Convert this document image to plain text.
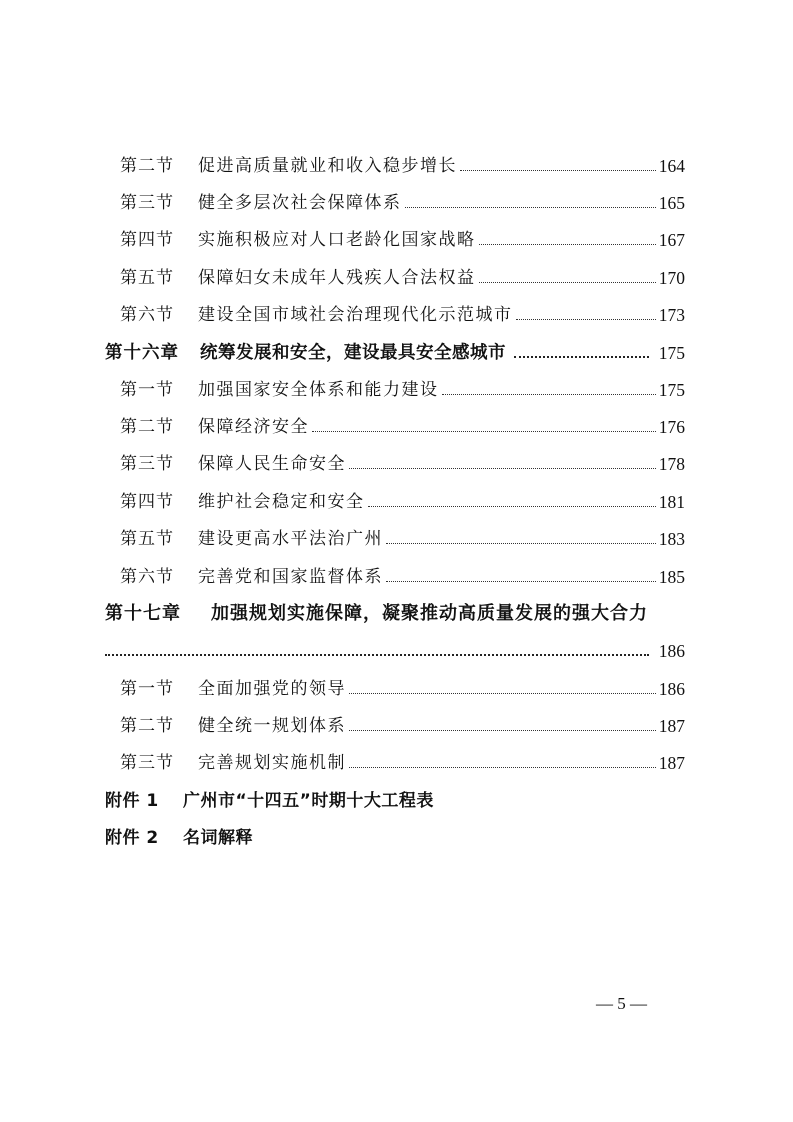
第二节	促进高质量就业和收入稳步增长	164
第三节	健全多层次社会保障体系	165
第四节	实施积极应对人口老龄化国家战略	167
第五节	保障妇女未成年人残疾人合法权益	170
第六节	建设全国市域社会治理现代化示范城市	173
第十六章	统筹发展和安全，建设最具安全感城市	175
第一节	加强国家安全体系和能力建设	175
第二节	保障经济安全	176
第三节	保障人民生命安全	178
第四节	维护社会稳定和安全	181
第五节	建设更高水平法治广州	183
第六节	完善党和国家监督体系	185
第十七章	加强规划实施保障，凝聚推动高质量发展的强大合力
186
第一节	全面加强党的领导	186
第二节	健全统一规划体系	187
第三节	完善规划实施机制	187
附件 1	广州市“十四五”时期十大工程表
附件 2	名词解释
— 5 —
